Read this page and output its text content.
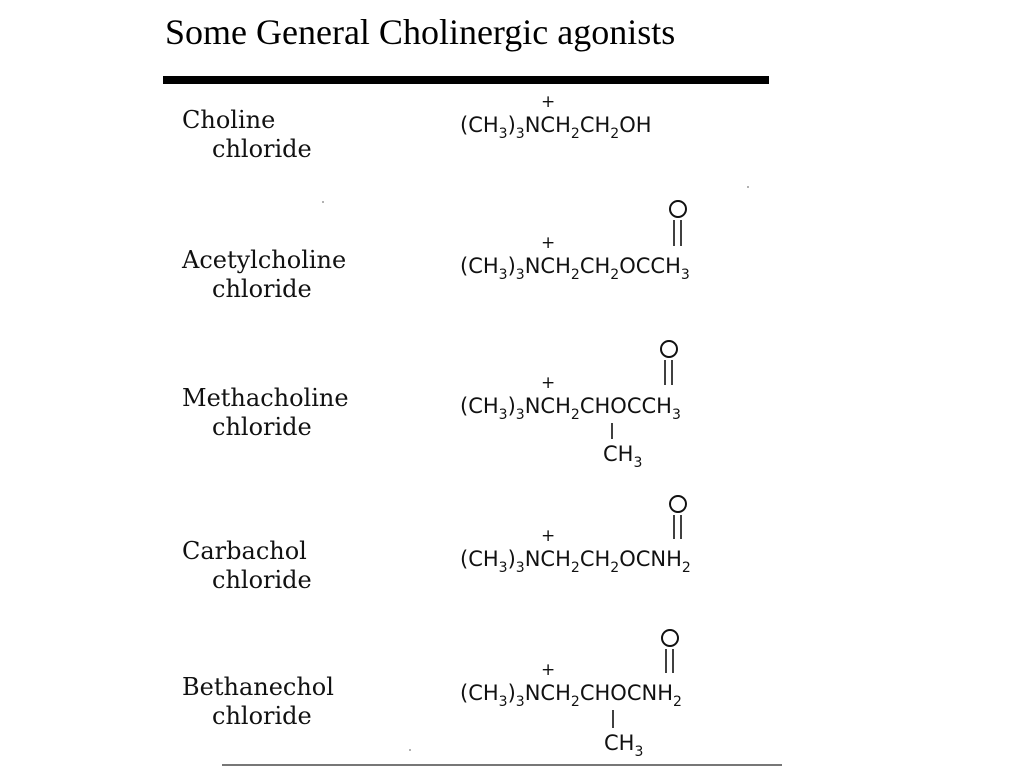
Some General Cholinergic agonists
Choline
chloride
+
$(CH_3)_3NCH_2CH_2OH$
Acetylcholine
chloride
+
$(CH_3)_3NCH_2CH_2OCCH_3$
Methacholine
chloride
+
$(CH_3)_3NCH_2CHOCCH_3$
$CH_3$
Carbachol
chloride
+
$(CH_3)_3NCH_2CH_2OCNH_2$
Bethanechol
chloride
+
$(CH_3)_3NCH_2CHOCNH_2$
$CH_3$
